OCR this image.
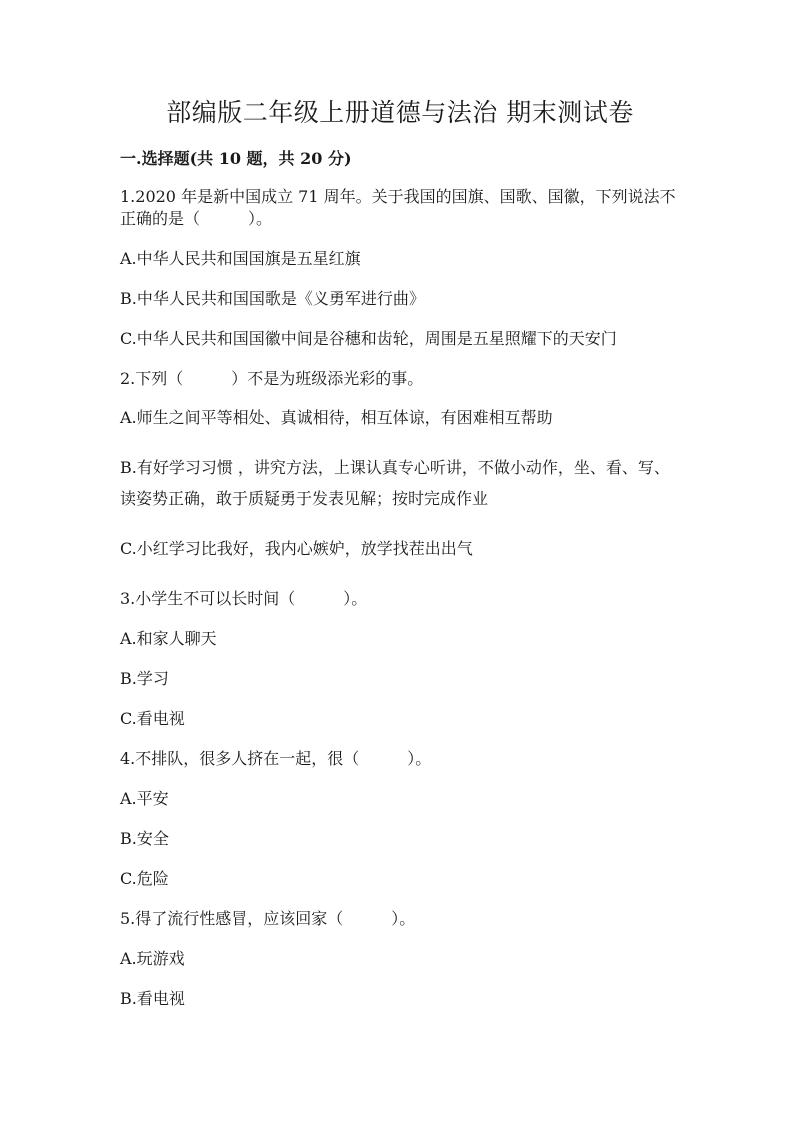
部编版二年级上册道德与法治 期末测试卷
一.选择题(共 10 题，共 20 分)
1.2020 年是新中国成立 71 周年。关于我国的国旗、国歌、国徽，下列说法不
正确的是（　　　）。
A.中华人民共和国国旗是五星红旗
B.中华人民共和国国歌是《义勇军进行曲》
C.中华人民共和国国徽中间是谷穗和齿轮，周围是五星照耀下的天安门
2.下列（　　　）不是为班级添光彩的事。
A.师生之间平等相处、真诚相待，相互体谅，有困难相互帮助
B.有好学习习惯 ，讲究方法，上课认真专心听讲，不做小动作，坐、看、写、
读姿势正确，敢于质疑勇于发表见解；按时完成作业
C.小红学习比我好，我内心嫉妒，放学找茬出出气
3.小学生不可以长时间（　　　）。
A.和家人聊天
B.学习
C.看电视
4.不排队，很多人挤在一起，很（　　　）。
A.平安
B.安全
C.危险
5.得了流行性感冒，应该回家（　　　）。
A.玩游戏
B.看电视
